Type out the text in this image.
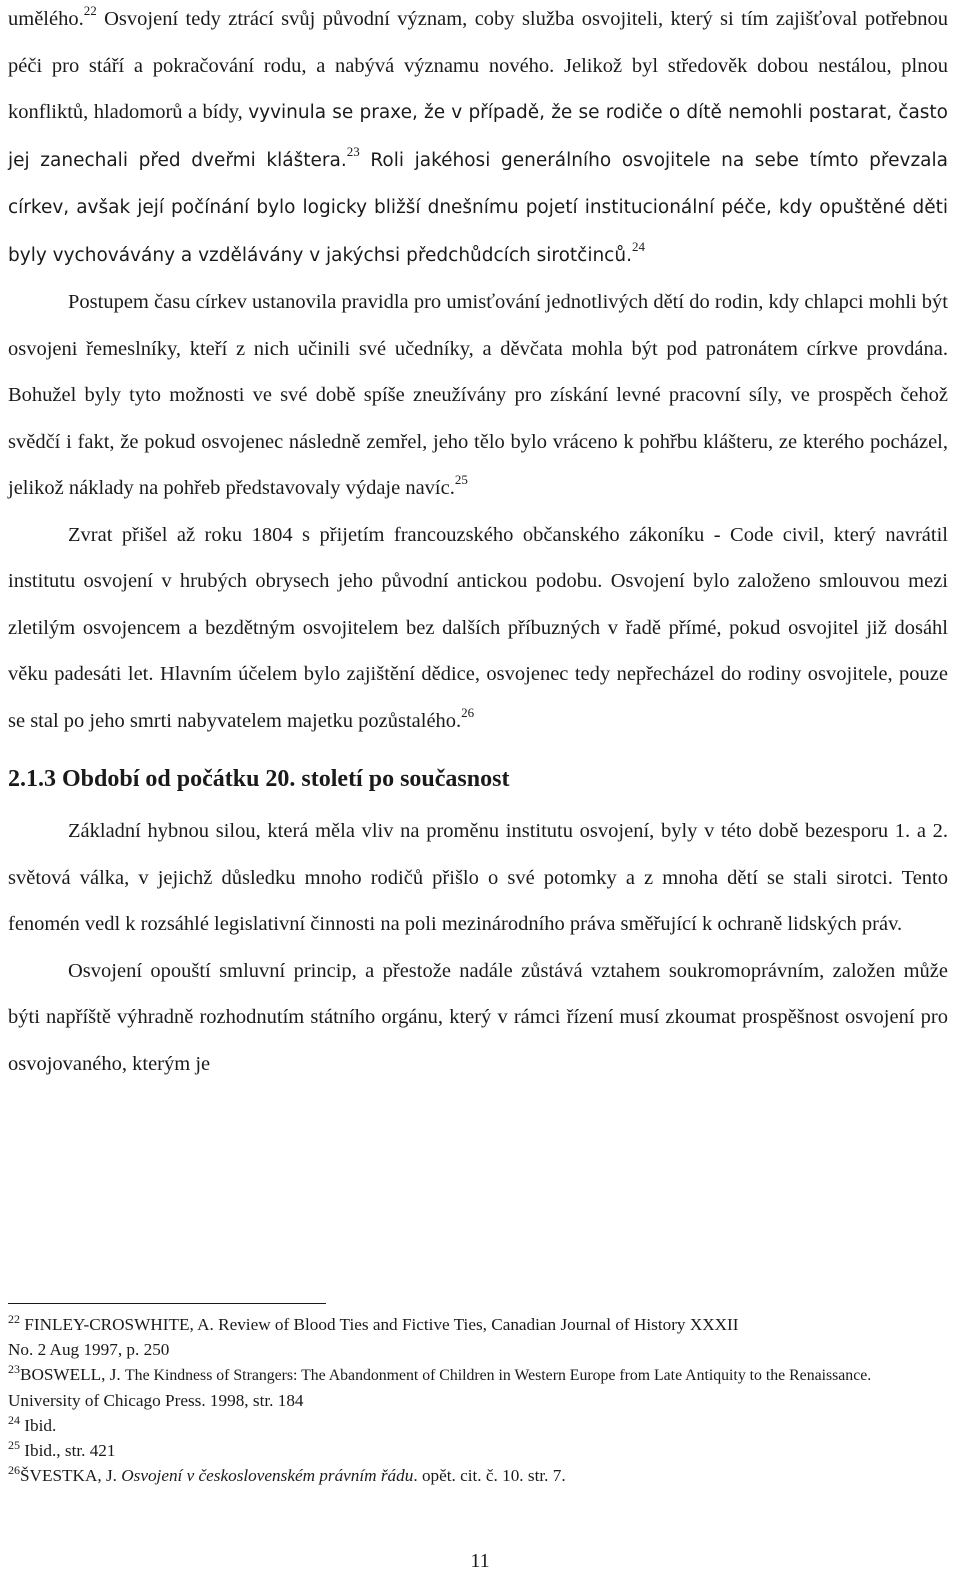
umělého.$^{22}$ Osvojení tedy ztrácí svůj původní význam, coby služba osvojiteli, který si tím zajišťoval potřebnou péči pro stáří a pokračování rodu, a nabývá významu nového. Jelikož byl středověk dobou nestálou, plnou konfliktů, hladomorů a bídy, vyvinula se praxe, že v případě, že se rodiče o dítě nemohli postarat, často jej zanechali před dveřmi kláštera.$^{23}$ Roli jakéhosi generálního osvojitele na sebe tímto převzala církev, avšak její počínání bylo logicky bližší dnešnímu pojetí institucionální péče, kdy opuštěné děti byly vychovávány a vzdělávány v jakýchsi předchůdcích sirotčinců.$^{24}$

Postupem času církev ustanovila pravidla pro umisťování jednotlivých dětí do rodin, kdy chlapci mohli být osvojeni řemeslníky, kteří z nich učinili své učedníky, a děvčata mohla být pod patronátem církve provdána. Bohužel byly tyto možnosti ve své době spíše zneužívány pro získání levné pracovní síly, ve prospěch čehož svědčí i fakt, že pokud osvojenec následně zemřel, jeho tělo bylo vráceno k pohřbu klášteru, ze kterého pocházel, jelikož náklady na pohřeb představovaly výdaje navíc.$^{25}$

Zvrat přišel až roku 1804 s přijetím francouzského občanského zákoníku - Code civil, který navrátil institutu osvojení v hrubých obrysech jeho původní antickou podobu. Osvojení bylo založeno smlouvou mezi zletilým osvojencem a bezdětným osvojitelem bez dalších příbuzných v řadě přímé, pokud osvojitel již dosáhl věku padesáti let. Hlavním účelem bylo zajištění dědice, osvojenec tedy nepřecházel do rodiny osvojitele, pouze se stal po jeho smrti nabyvatelem majetku pozůstalého.$^{26}$

2.1.3 Období od počátku 20. století po současnost

Základní hybnou silou, která měla vliv na proměnu institutu osvojení, byly v této době bezesporu 1. a 2. světová válka, v jejichž důsledku mnoho rodičů přišlo o své potomky a z mnoha dětí se stali sirotci. Tento fenomén vedl k rozsáhlé legislativní činnosti na poli mezinárodního práva směřující k ochraně lidských práv.

Osvojení opouští smluvní princip, a přestože nadále zůstává vztahem soukromoprávním, založen může býti napříště výhradně rozhodnutím státního orgánu, který v rámci řízení musí zkoumat prospěšnost osvojení pro osvojovaného, kterým je

$^{22}$ FINLEY-CROSWHITE, A. Review of Blood Ties and Fictive Ties, Canadian Journal of History XXXII
No. 2 Aug 1997, p. 250

$^{23}$BOSWELL, J. The Kindness of Strangers: The Abandonment of Children in Western Europe from Late Antiquity to the Renaissance. University of Chicago Press. 1998, str. 184

$^{24}$ Ibid.

$^{25}$ Ibid., str. 421

$^{26}$ŠVESTKA, J. Osvojení v československém právním řádu. opět. cit. č. 10. str. 7.

11
